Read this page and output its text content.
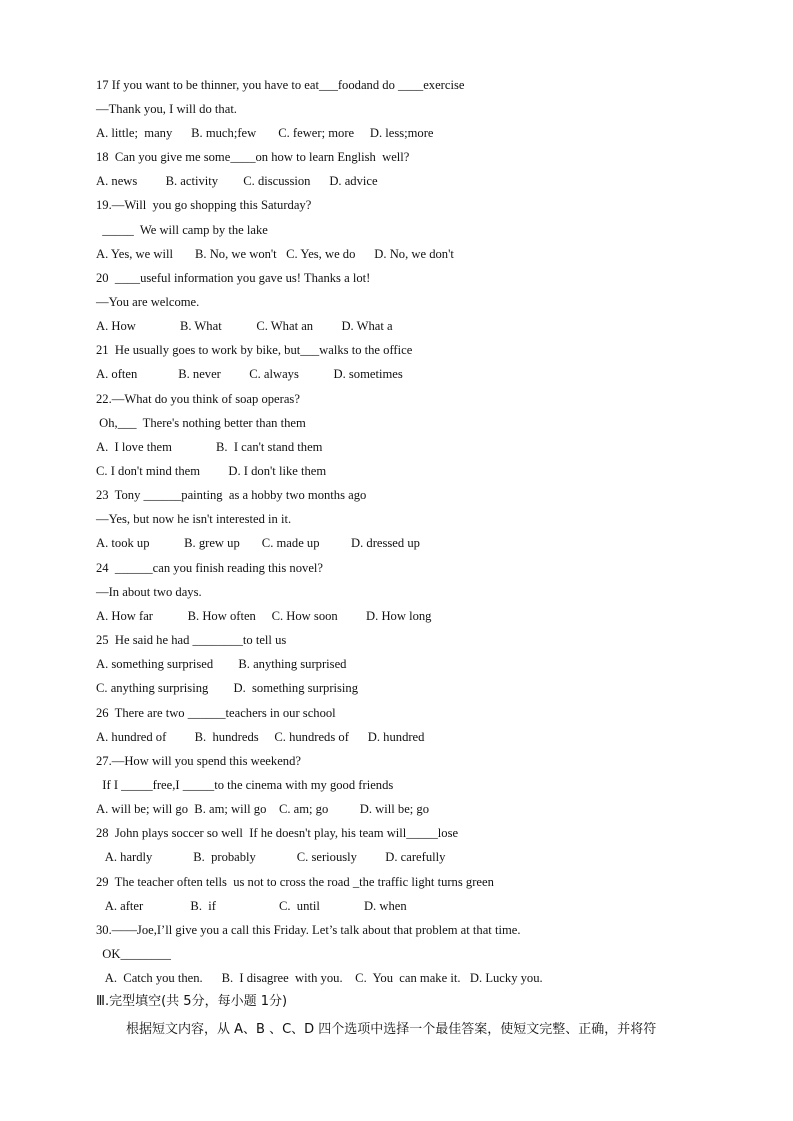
17 If you want to be thinner, you have to eat___foodand do ____exercise
—Thank you, I will do that.
A. little;  many      B. much;few       C. fewer; more     D. less;more
18  Can you give me some____on how to learn English  well?
A. news         B. activity        C. discussion      D. advice
19.—Will  you go shopping this Saturday?
_____  We will camp by the lake
A. Yes, we will       B. No, we won't   C. Yes, we do      D. No, we don't
20  ____useful information you gave us! Thanks a lot!
—You are welcome.
A. How              B. What           C. What an         D. What a
21  He usually goes to work by bike, but___walks to the office
A. often             B. never         C. always           D. sometimes
22.—What do you think of soap operas?
Oh,___  There's nothing better than them
A.  I love them              B.  I can't stand them
C. I don't mind them         D. I don't like them
23  Tony ______painting  as a hobby two months ago
—Yes, but now he isn't interested in it.
A. took up           B. grew up       C. made up          D. dressed up
24  ______can you finish reading this novel?
—In about two days.
A. How far           B. How often     C. How soon         D. How long
25  He said he had ________to tell us
A. something surprised        B. anything surprised
C. anything surprising        D.  something surprising
26  There are two ______teachers in our school
A. hundred of         B.  hundreds     C. hundreds of      D. hundred
27.—How will you spend this weekend?
If I _____free,I _____to the cinema with my good friends
A. will be; will go  B. am; will go    C. am; go          D. will be; go
28  John plays soccer so well  If he doesn't play, his team will_____lose
A. hardly             B.  probably             C. seriously         D. carefully
29  The teacher often tells  us not to cross the road _the traffic light turns green
A. after               B.  if                    C.  until              D. when
30.——Joe,I’ll give you a call this Friday. Let’s talk about that problem at that time.
OK________
A.  Catch you then.      B.  I disagree  with you.    C.  You  can make it.   D. Lucky you.
Ⅲ.完型填空(共 5分，每小题 1分)
根据短文内容，从 A、B 、C、D 四个选项中选择一个最佳答案，使短文完整、正确，并将符
